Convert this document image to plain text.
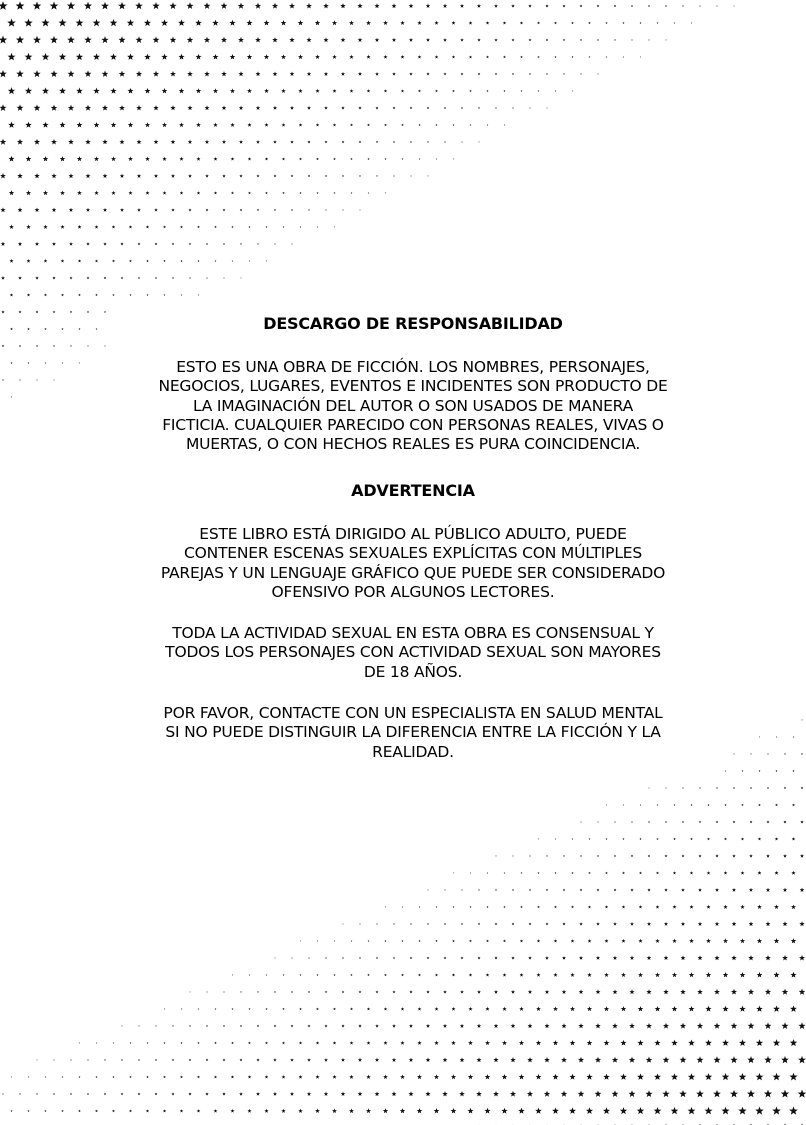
DESCARGO DE RESPONSABILIDAD
ESTO ES UNA OBRA DE FICCIÓN. LOS NOMBRES, PERSONAJES,
NEGOCIOS, LUGARES, EVENTOS E INCIDENTES SON PRODUCTO DE
LA IMAGINACIÓN DEL AUTOR O SON USADOS DE MANERA
FICTICIA. CUALQUIER PARECIDO CON PERSONAS REALES, VIVAS O
MUERTAS, O CON HECHOS REALES ES PURA COINCIDENCIA.
ADVERTENCIA
ESTE LIBRO ESTÁ DIRIGIDO AL PÚBLICO ADULTO, PUEDE
CONTENER ESCENAS SEXUALES EXPLÍCITAS CON MÚLTIPLES
PAREJAS Y UN LENGUAJE GRÁFICO QUE PUEDE SER CONSIDERADO
OFENSIVO POR ALGUNOS LECTORES.
TODA LA ACTIVIDAD SEXUAL EN ESTA OBRA ES CONSENSUAL Y
TODOS LOS PERSONAJES CON ACTIVIDAD SEXUAL SON MAYORES
DE 18 AÑOS.
POR FAVOR, CONTACTE CON UN ESPECIALISTA EN SALUD MENTAL
SI NO PUEDE DISTINGUIR LA DIFERENCIA ENTRE LA FICCIÓN Y LA
REALIDAD.
